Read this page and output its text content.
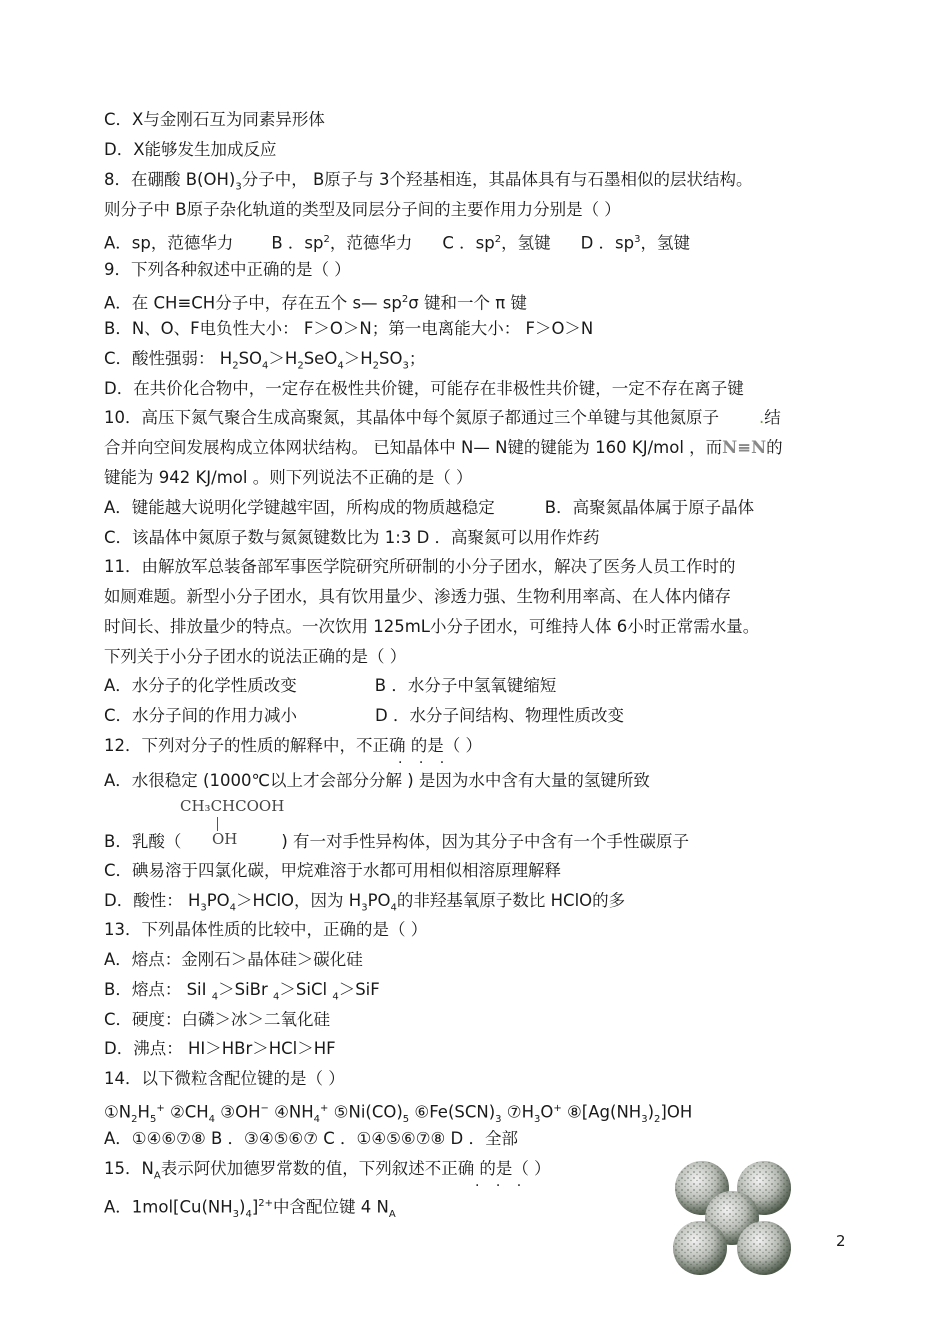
C．X与金刚石互为同素异形体
D．X能够发生加成反应
8．在硼酸 $B(OH)_3$分子中， B原子与 3个羟基相连，其晶体具有与石墨相似的层状结构。
则分子中 B原子杂化轨道的类型及同层分子间的主要作用力分别是（ ）
A．sp，范德华力 B ．$sp^2$，范德华力 C ．$sp^2$，氢键 D ．$sp^3$，氢键
9．下列各种叙述中正确的是（ ）
A．在 CH≡CH分子中，存在五个 s— $sp^2\sigma$ 键和一个 π 键
B．N、O、F电负性大小： F＞O＞N；第一电离能大小： F＞O＞N
C．酸性强弱： $H_2SO_4>H_2SeO_4>H_2SO_3$；
D．在共价化合物中，一定存在极性共价键，可能存在非极性共价键，一定不存在离子键
10．高压下氮气聚合生成高聚氮，其晶体中每个氮原子都通过三个单键与其他氮原子 .结
合并向空间发展构成立体网状结构。 已知晶体中 N— N键的键能为 160 KJ/mol ，而N≡N的
键能为 942 KJ/mol 。则下列说法不正确的是（ ）
A．键能越大说明化学键越牢固，所构成的物质越稳定	B．高聚氮晶体属于原子晶体
C．该晶体中氮原子数与氮氮键数比为 1:3 D ．高聚氮可以用作炸药
11．由解放军总装备部军事医学院研究所研制的小分子团水，解决了医务人员工作时的
如厕难题。新型小分子团水，具有饮用量少、渗透力强、生物利用率高、在人体内储存
时间长、排放量少的特点。一次饮用 125mL小分子团水，可维持人体 6小时正常需水量。
下列关于小分子团水的说法正确的是（ ）
A．水分子的化学性质改变	B ．水分子中氢氧键缩短
C．水分子间的作用力减小	D ．水分子间结构、物理性质改变
12．下列对分子的性质的解释中，不正确 的是（ ）
. . .
A．水很稳定 (1000℃以上才会部分分解 ) 是因为水中含有大量的氢键所致
CH₃CHCOOH
OH
B．乳酸（	) 有一对手性异构体，因为其分子中含有一个手性碳原子
C．碘易溶于四氯化碳，甲烷难溶于水都可用相似相溶原理解释
D．酸性： $H_3PO_4>HClO$，因为 $H_3PO_4$的非羟基氧原子数比 HClO的多
13．下列晶体性质的比较中，正确的是（ ）
A．熔点：金刚石＞晶体硅＞碳化硅
B．熔点： SiI $_4$＞SiBr $_4$＞SiCl $_4$＞SiF
C．硬度：白磷＞冰＞二氧化硅
D．沸点： HI＞HBr＞HCl＞HF
14．以下微粒含配位键的是（ ）
$①N_2H_5^+$ $②CH_4$ ③OH− $④NH_4^+$ $⑤Ni(CO)_5$ $⑥Fe(SCN)_3$ $⑦H_3O^+$ $⑧[Ag(NH_3)_2]OH$
A．①④⑥⑦⑧ B ．③④⑤⑥⑦ C ．①④⑤⑥⑦⑧ D ．全部
15．$N_A$表示阿伏加德罗常数的值，下列叙述不正确 的是（ ）
. . .
A．$1mol[Cu(NH_3)_4]^{2+}$中含配位键 4 $N_A$
2
